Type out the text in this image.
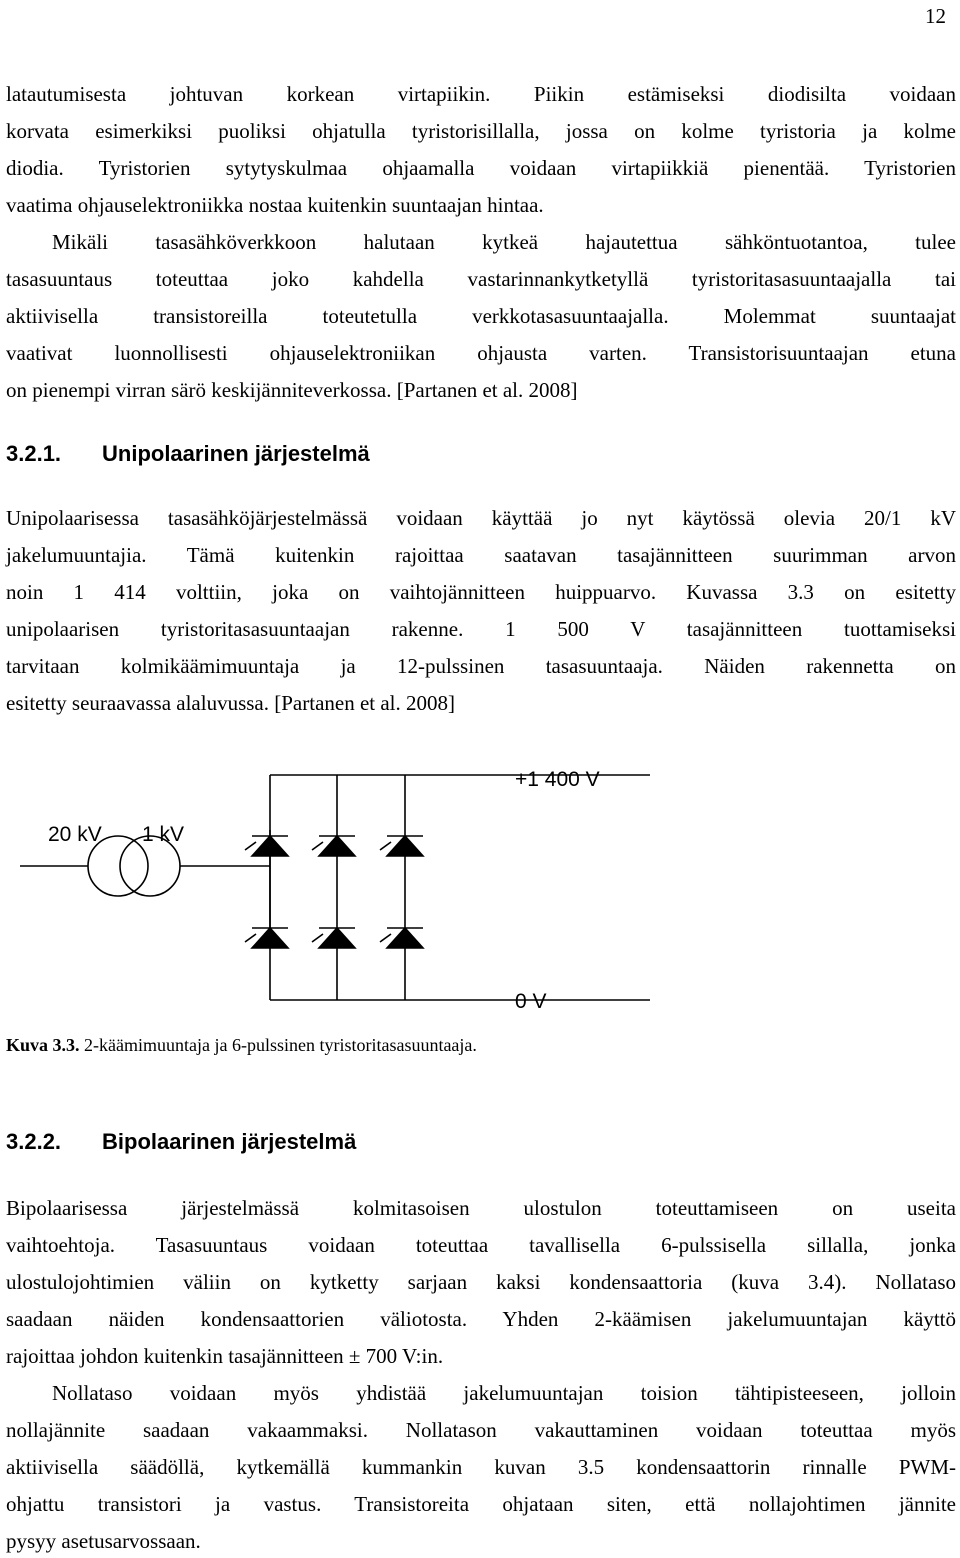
12
latautumisesta johtuvan korkean virtapiikin. Piikin estämiseksi diodisilta voidaan
korvata esimerkiksi puoliksi ohjatulla tyristorisillalla, jossa on kolme tyristoria ja kolme
diodia. Tyristorien sytytyskulmaa ohjaamalla voidaan virtapiikkiä pienentää. Tyristorien
vaatima ohjauselektroniikka nostaa kuitenkin suuntaajan hintaa.
Mikäli tasasähköverkkoon halutaan kytkeä hajautettua sähköntuotantoa, tulee
tasasuuntaus toteuttaa joko kahdella vastarinnankytketyllä tyristoritasasuuntaajalla tai
aktiivisella transistoreilla toteutetulla verkkotasasuuntaajalla. Molemmat suuntaajat
vaativat luonnollisesti ohjauselektroniikan ohjausta varten. Transistorisuuntaajan etuna
on pienempi virran särö keskijänniteverkossa. [Partanen et al. 2008]
3.2.1. Unipolaarinen järjestelmä
Unipolaarisessa tasasähköjärjestelmässä voidaan käyttää jo nyt käytössä olevia 20/1 kV
jakelumuuntajia. Tämä kuitenkin rajoittaa saatavan tasajännitteen suurimman arvon
noin 1 414 volttiin, joka on vaihtojännitteen huippuarvo. Kuvassa 3.3 on esitetty
unipolaarisen tyristoritasasuuntaajan rakenne. 1 500 V tasajännitteen tuottamiseksi
tarvitaan kolmikäämimuuntaja ja 12-pulssinen tasasuuntaaja. Näiden rakennetta on
esitetty seuraavassa alaluvussa. [Partanen et al. 2008]
+1 400 V
20 kV 1 kV
0 V
Kuva 3.3. 2-käämimuuntaja ja 6-pulssinen tyristoritasasuuntaaja.
3.2.2. Bipolaarinen järjestelmä
Bipolaarisessa järjestelmässä kolmitasoisen ulostulon toteuttamiseen on useita
vaihtoehtoja. Tasasuuntaus voidaan toteuttaa tavallisella 6-pulssisella sillalla, jonka
ulostulojohtimien väliin on kytketty sarjaan kaksi kondensaattoria (kuva 3.4). Nollataso
saadaan näiden kondensaattorien väliotosta. Yhden 2-käämisen jakelumuuntajan käyttö
rajoittaa johdon kuitenkin tasajännitteen ± 700 V:in.
Nollataso voidaan myös yhdistää jakelumuuntajan toision tähtipisteeseen, jolloin
nollajännite saadaan vakaammaksi. Nollatason vakauttaminen voidaan toteuttaa myös
aktiivisella säädöllä, kytkemällä kummankin kuvan 3.5 kondensaattorin rinnalle PWM-
ohjattu transistori ja vastus. Transistoreita ohjataan siten, että nollajohtimen jännite
pysyy asetusarvossaan.
